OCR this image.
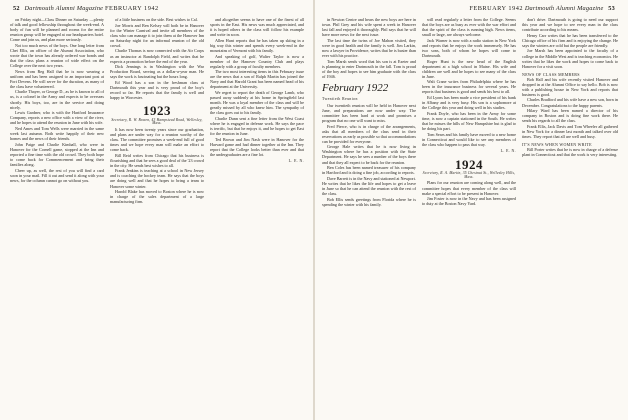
52 Dartmouth Alumni Magazine FEBRUARY 1942	FEBRUARY 1942 Dartmouth Alumni Magazine 53

on Friday night—Class Dinner on Saturday —plenty of talk and good fellowship throughout the week-end. A body of fun will be planned and rooms for the entire reunion group will be engaged at our headquarters hotel. Come and join us, and plan more seriously.

Not too much news of the boys. One long letter from Chet Ellis, an officer of the Alumni Association, who wrote that the town has already ordered war bonds and that the class plans a reunion of wide effect on the College over the next two years.

News from Reg Hall that he is now wearing a uniform and has been assigned to an important post at Fort Devens. He will serve for the duration, as many of the class have volunteered.

Charlie Thayer, or George D., as he is known to all of us, is a colonel in the Army and expects to be overseas shortly. His boys, too, are in the service and doing nicely.

Lewis Gardner, who is with the Hartford Insurance Company, reports a new office with a view of the river, and he hopes to attend the reunion in June with his wife.

Ned Ames and Tom Wells were married in the same week last autumn. Both write happily of their new homes and the news of their friends.

John Paige and Charlie Kimball, who were in Hanover for the Cornell game, stopped at the Inn and reported a fine time with the old crowd. They both hope to come back for Commencement and bring their families along.

Cheer up, as well, the rest of you will find a card soon in your mail. Fill it out and send it along with your news, for the column cannot go on without you.

of a little business on the side. Best wishes to Cal.

Joe Morris and Ben Kelsey will both be in Hanover for the Winter Carnival and invite all members of the class who can manage it to join them at the Hanover Inn on Saturday night for an informal reunion of the old crowd.

Charlie Thomas is now connected with the Air Corps as an instructor at Randolph Field, and writes that he expects a promotion before the end of the year.

Dick Jennings is in Washington with the War Production Board, serving as a dollar-a-year man. He says the work is fascinating but the hours long.

Ed Wood has a son in the freshman class at Dartmouth this year and is very proud of the boy's record so far. He reports that the family is well and happy in Worcester.

1923
Secretary, R. W. Bowen, 43 Hampstead Road, Wellesley, Mass.

It has now been twenty years since our graduation, and plans are under way for a reunion worthy of the class. The committee promises a week-end full of good times and we hope every man will make an effort to come back.

Bill Reid writes from Chicago that his business is flourishing and that he sees a good deal of the '23 crowd in the city. He sends best wishes to all.

Frank Jenkins is teaching at a school in New Jersey and is coaching the hockey team. He says that the boys are doing well and that he hopes to bring a team to Hanover some winter.

Harold Blake has moved to Boston where he is now in charge of the sales department of a large manufacturing firm.

and altogether seems to have one of the finest of all sports in the East. His news was much appreciated, and it is hoped others in the class will follow his example and write in soon.

Allen Hunt reports that he has taken up skiing in a big way this winter and spends every week-end in the mountains of Vermont with his family.

And speaking of golf, Walter Taylor is now a member of the Hanover Country Club and plays regularly with a group of faculty members.

The two most interesting items in this February issue are the news that a son of Ralph Martin has joined the Navy and that Harold Grant has been named head of his department at the University.

We regret to report the death of George Lamb, who passed away suddenly at his home in Springfield last month. He was a loyal member of the class and will be greatly missed by all who knew him. The sympathy of the class goes out to his family.

Charlie Dunn sent a fine letter from the West Coast where he is engaged in defense work. He says the pace is terrific, but that he enjoys it, and he hopes to get East for the reunion in June.

Ted Brown and Jim Nash were in Hanover for the Harvard game and had dinner together at the Inn. They report that the College looks better than ever and that the undergraduates are a fine lot.

L. E. N.

in Newton Centre and hears the new boys are here in town. Phil Grey and his wife spent a week in Hanover last fall and enjoyed it thoroughly. Phil says that he will have more news for the next issue.

The last time the twins of Joe Mahon visited, they were in good health and the family is well. Jim Larkin, now a lawyer in Providence, writes that he is busier than ever with his practice.

Tom Marsh sends word that his son is at Exeter and is planning to enter Dartmouth in the fall. Tom is proud of the boy and hopes to see him graduate with the class of 1946.

February 1922
Twentieth Reunion

Our twentieth reunion will be held in Hanover next June, and preparations are now under way. The committee has been hard at work and promises a program that no one will want to miss.

Fred Pierce, who is in charge of the arrangements, asks that all members of the class send in their reservations as early as possible so that accommodations can be provided for everyone.

George Hale writes that he is now living in Washington where he has a position with the State Department. He says he sees a number of the boys there and that they all expect to be back for the reunion.

Ben Coles has been named treasurer of his company in Hartford and is doing a fine job, according to reports.

Dave Barrett is in the Navy and stationed at Newport. He writes that he likes the life and hopes to get a leave in June so that he can attend the reunion with the rest of the class.

Bob Ellis sends greetings from Florida where he is spending the winter with his family.

will read regularly a letter from the College. Seems that the boys are as busy as ever with the war effort and that the spirit of the class is running high. News items, small or large, are always welcome.

Jack Warner is now with a radio station in New York and reports that he enjoys the work immensely. He has two sons, both of whom he hopes will come to Dartmouth.

Roger Hunt is the new head of the English department at a high school in Maine. His wife and children are well and he hopes to see many of the class in June.

Walt Crane writes from Philadelphia where he has been in the insurance business for several years. He reports that business is good and sends his best to all.

Ed Lyons has been made a vice president of his bank in Albany and is very busy. His son is a sophomore at the College this year and doing well in his studies.

Frank Doyle, who has been in the Army for some time, is now a captain stationed in the South. He writes that he misses the hills of New Hampshire but is glad to be doing his part.

Tom Sears and his family have moved to a new home in Connecticut and would like to see any members of the class who happen to pass that way.

L. E. N.
1924
Secretary, R. A. Martin, 35 Chestnut St., Wellesley Hills, Mass.

Plans for our reunion are coming along well, and the committee hopes that every member of the class will make a special effort to be present in Hanover.

Jim Foster is now in the Navy and has been assigned to duty at the Boston Navy Yard.

don't drive. Dartmouth is going to need our support this year and we hope to see every man in the class contribute according to his means.

Henry Carr writes that he has been transferred to the Chicago office of his firm and is enjoying the change. He says the winters are cold but the people are friendly.

Joe Marsh has been appointed to the faculty of a college in the Middle West and is teaching economics. He writes that he likes the work and hopes to come back to Hanover for a visit soon.

NEWS OF CLASS MEMBERS

Bob Hall and his wife recently visited Hanover and dropped in at the Alumni Office to say hello. Bob is now with a publishing house in New York and reports that business is good.

Charles Bradford and his wife have a new son, born in December. Congratulations to the happy parents.

Hilary Ward has been named a director of his company in Boston and is doing fine work there. He sends his regards to all the class.

Frank Ellis, Jack Davis and Tom Wheeler all gathered in New York for a dinner last month and talked over old times. They report that all are well and busy.

IT'S NEWS WHEN WOMEN WRITE

Bill Porter writes that he is now in charge of a defense plant in Connecticut and that the work is very interesting.
